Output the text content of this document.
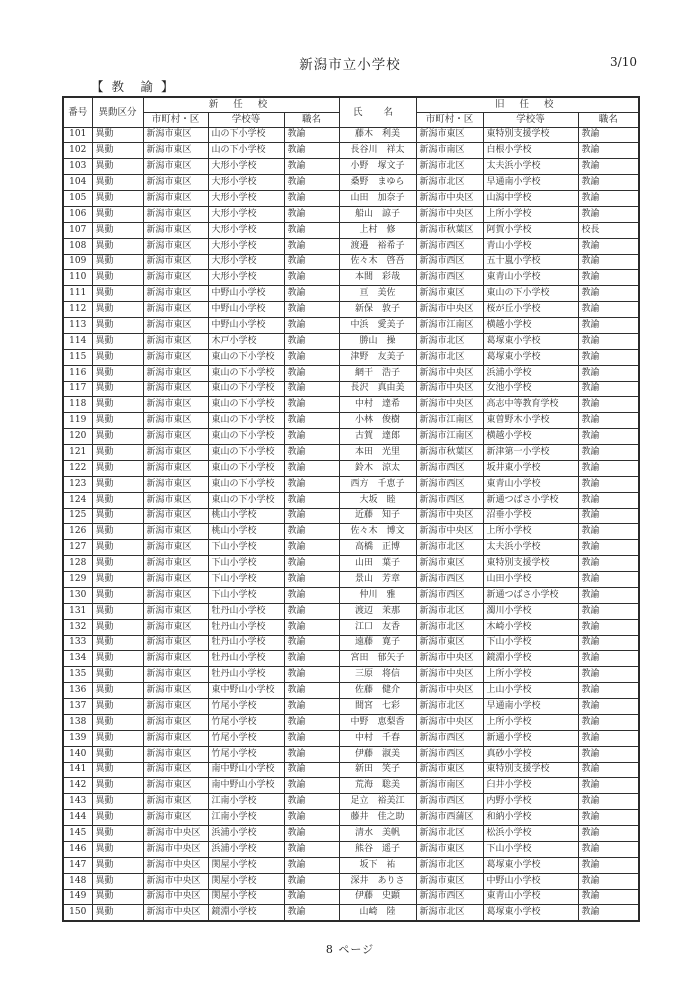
新潟市立小学校	3/10
【 教　諭 】
番号	異動区分	新 任 校			氏 名	旧 任 校		
		市町村・区	学校等	職名		市町村・区	学校等	職名
101	異動	新潟市東区	山の下小学校	教諭	藤木　利美	新潟市東区	東特別支援学校	教諭
102	異動	新潟市東区	山の下小学校	教諭	長谷川　祥太	新潟市南区	白根小学校	教諭
103	異動	新潟市東区	大形小学校	教諭	小野　塚文子	新潟市北区	太夫浜小学校	教諭
104	異動	新潟市東区	大形小学校	教諭	桑野　まゆら	新潟市北区	早通南小学校	教諭
105	異動	新潟市東区	大形小学校	教諭	山田　加奈子	新潟市中央区	山潟中学校	教諭
106	異動	新潟市東区	大形小学校	教諭	船山　諒子	新潟市中央区	上所小学校	教諭
107	異動	新潟市東区	大形小学校	教諭	上村　修	新潟市秋葉区	阿賀小学校	校長
108	異動	新潟市東区	大形小学校	教諭	渡邉　裕希子	新潟市西区	青山小学校	教諭
109	異動	新潟市東区	大形小学校	教諭	佐々木　啓吾	新潟市西区	五十嵐小学校	教諭
110	異動	新潟市東区	大形小学校	教諭	本間　彩哉	新潟市西区	東青山小学校	教諭
111	異動	新潟市東区	中野山小学校	教諭	亘　美佐	新潟市東区	東山の下小学校	教諭
112	異動	新潟市東区	中野山小学校	教諭	新保　敦子	新潟市中央区	桜が丘小学校	教諭
113	異動	新潟市東区	中野山小学校	教諭	中浜　愛美子	新潟市江南区	横越小学校	教諭
114	異動	新潟市東区	木戸小学校	教諭	勝山　操	新潟市北区	葛塚東小学校	教諭
115	異動	新潟市東区	東山の下小学校	教諭	津野　友美子	新潟市北区	葛塚東小学校	教諭
116	異動	新潟市東区	東山の下小学校	教諭	網干　浩子	新潟市中央区	浜浦小学校	教諭
117	異動	新潟市東区	東山の下小学校	教諭	長沢　真由美	新潟市中央区	女池小学校	教諭
118	異動	新潟市東区	東山の下小学校	教諭	中村　達希	新潟市中央区	高志中等教育学校	教諭
119	異動	新潟市東区	東山の下小学校	教諭	小林　俊樹	新潟市江南区	東曽野木小学校	教諭
120	異動	新潟市東区	東山の下小学校	教諭	古賀　達郎	新潟市江南区	横越小学校	教諭
121	異動	新潟市東区	東山の下小学校	教諭	本田　光里	新潟市秋葉区	新津第一小学校	教諭
122	異動	新潟市東区	東山の下小学校	教諭	鈴木　涼太	新潟市西区	坂井東小学校	教諭
123	異動	新潟市東区	東山の下小学校	教諭	西方　千恵子	新潟市西区	東青山小学校	教諭
124	異動	新潟市東区	東山の下小学校	教諭	大坂　睦	新潟市西区	新通つばさ小学校	教諭
125	異動	新潟市東区	桃山小学校	教諭	近藤　知子	新潟市中央区	沼垂小学校	教諭
126	異動	新潟市東区	桃山小学校	教諭	佐々木　博文	新潟市中央区	上所小学校	教諭
127	異動	新潟市東区	下山小学校	教諭	高橋　正博	新潟市北区	太夫浜小学校	教諭
128	異動	新潟市東区	下山小学校	教諭	山田　葉子	新潟市東区	東特別支援学校	教諭
129	異動	新潟市東区	下山小学校	教諭	景山　芳章	新潟市西区	山田小学校	教諭
130	異動	新潟市東区	下山小学校	教諭	仲川　雅	新潟市西区	新通つばさ小学校	教諭
131	異動	新潟市東区	牡丹山小学校	教諭	渡辺　茉那	新潟市北区	濁川小学校	教諭
132	異動	新潟市東区	牡丹山小学校	教諭	江口　友香	新潟市北区	木崎小学校	教諭
133	異動	新潟市東区	牡丹山小学校	教諭	遠藤　寛子	新潟市東区	下山小学校	教諭
134	異動	新潟市東区	牡丹山小学校	教諭	宮田　郁矢子	新潟市中央区	鏡淵小学校	教諭
135	異動	新潟市東区	牡丹山小学校	教諭	三原　将信	新潟市中央区	上所小学校	教諭
136	異動	新潟市東区	東中野山小学校	教諭	佐藤　健介	新潟市中央区	上山小学校	教諭
137	異動	新潟市東区	竹尾小学校	教諭	間宮　七彩	新潟市北区	早通南小学校	教諭
138	異動	新潟市東区	竹尾小学校	教諭	中野　恵梨香	新潟市中央区	上所小学校	教諭
139	異動	新潟市東区	竹尾小学校	教諭	中村　千春	新潟市西区	新通小学校	教諭
140	異動	新潟市東区	竹尾小学校	教諭	伊藤　淑美	新潟市西区	真砂小学校	教諭
141	異動	新潟市東区	南中野山小学校	教諭	新田　笑子	新潟市東区	東特別支援学校	教諭
142	異動	新潟市東区	南中野山小学校	教諭	荒海　聡美	新潟市南区	臼井小学校	教諭
143	異動	新潟市東区	江南小学校	教諭	足立　裕美江	新潟市西区	内野小学校	教諭
144	異動	新潟市東区	江南小学校	教諭	藤井　佳之助	新潟市西蒲区	和納小学校	教諭
145	異動	新潟市中央区	浜浦小学校	教諭	清水　美帆	新潟市北区	松浜小学校	教諭
146	異動	新潟市中央区	浜浦小学校	教諭	熊谷　遥子	新潟市東区	下山小学校	教諭
147	異動	新潟市中央区	関屋小学校	教諭	坂下　祐	新潟市北区	葛塚東小学校	教諭
148	異動	新潟市中央区	関屋小学校	教諭	深井　ありさ	新潟市東区	中野山小学校	教諭
149	異動	新潟市中央区	関屋小学校	教諭	伊藤　史顕	新潟市西区	東青山小学校	教諭
150	異動	新潟市中央区	鏡淵小学校	教諭	山崎　陸	新潟市北区	葛塚東小学校	教諭
8 ページ
